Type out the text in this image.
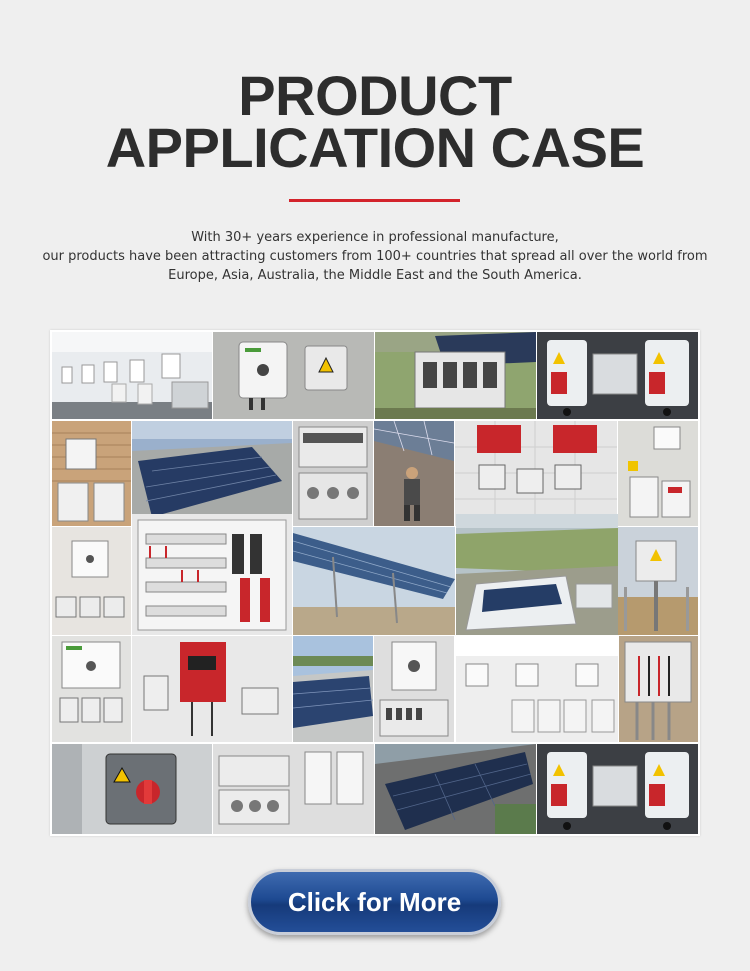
PRODUCT
APPLICATION CASE

With 30+ years experience in professional manufacture,

our products have been attracting customers from 100+ countries that spread all over the world from

Europe, Asia, Australia, the Middle East and the South America.

Click for More
